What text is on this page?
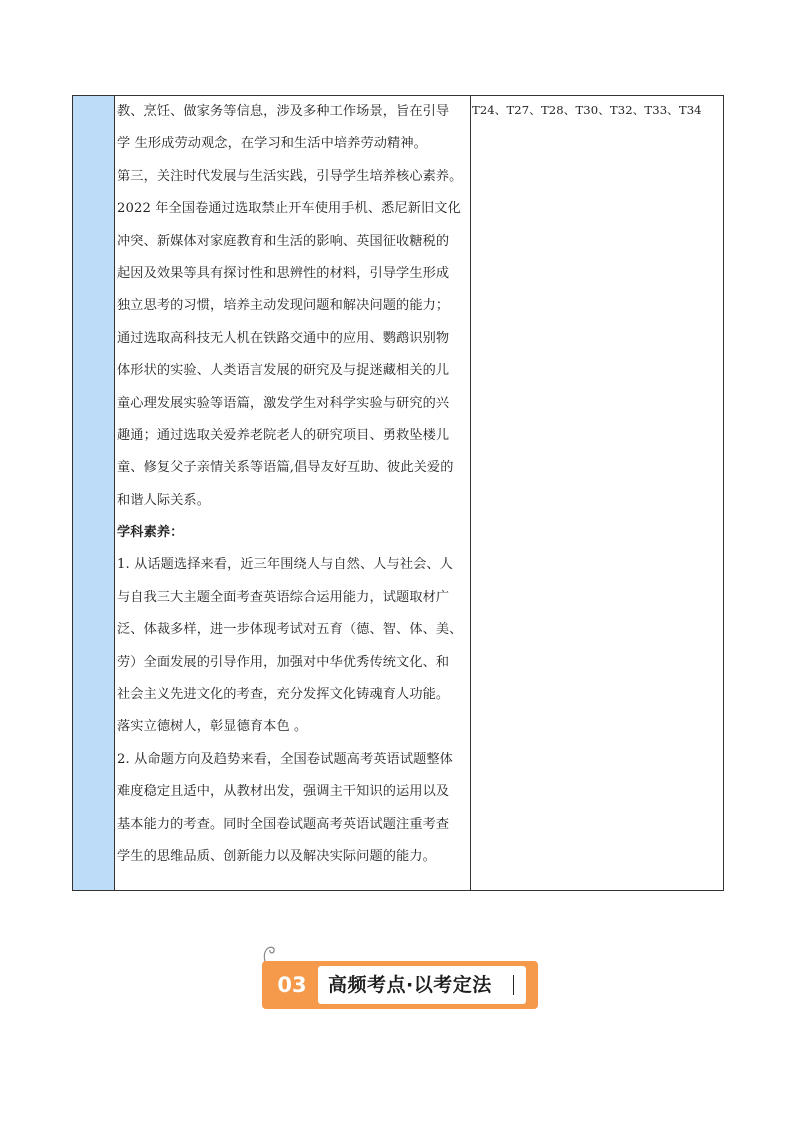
教、烹饪、做家务等信息，涉及多种工作场景，旨在引导
学 生形成劳动观念，在学习和生活中培养劳动精神。
第三，关注时代发展与生活实践，引导学生培养核心素养。
2022 年全国卷通过选取禁止开车使用手机、悉尼新旧文化
冲突、新媒体对家庭教育和生活的影响、英国征收糖税的
起因及效果等具有探讨性和思辨性的材料，引导学生形成
独立思考的习惯，培养主动发现问题和解决问题的能力；
通过选取高科技无人机在铁路交通中的应用、鹦鹉识别物
体形状的实验、人类语言发展的研究及与捉迷藏相关的儿
童心理发展实验等语篇，激发学生对科学实验与研究的兴
趣通；通过选取关爱养老院老人的研究项目、勇救坠楼儿
童、修复父子亲情关系等语篇,倡导友好互助、彼此关爱的
和谐人际关系。
学科素养：
1. 从话题选择来看，近三年围绕人与自然、人与社会、人
与自我三大主题全面考查英语综合运用能力，试题取材广
泛、体裁多样，进一步体现考试对五育（德、智、体、美、
劳）全面发展的引导作用，加强对中华优秀传统文化、和
社会主义先进文化的考查，充分发挥文化铸魂育人功能。
落实立德树人，彰显德育本色 。
2. 从命题方向及趋势来看，全国卷试题高考英语试题整体
难度稳定且适中，从教材出发，强调主干知识的运用以及
基本能力的考查。同时全国卷试题高考英语试题注重考查
学生的思维品质、创新能力以及解决实际问题的能力。
T24、T27、T28、T30、T32、T33、T34
03	高频考点·以考定法
